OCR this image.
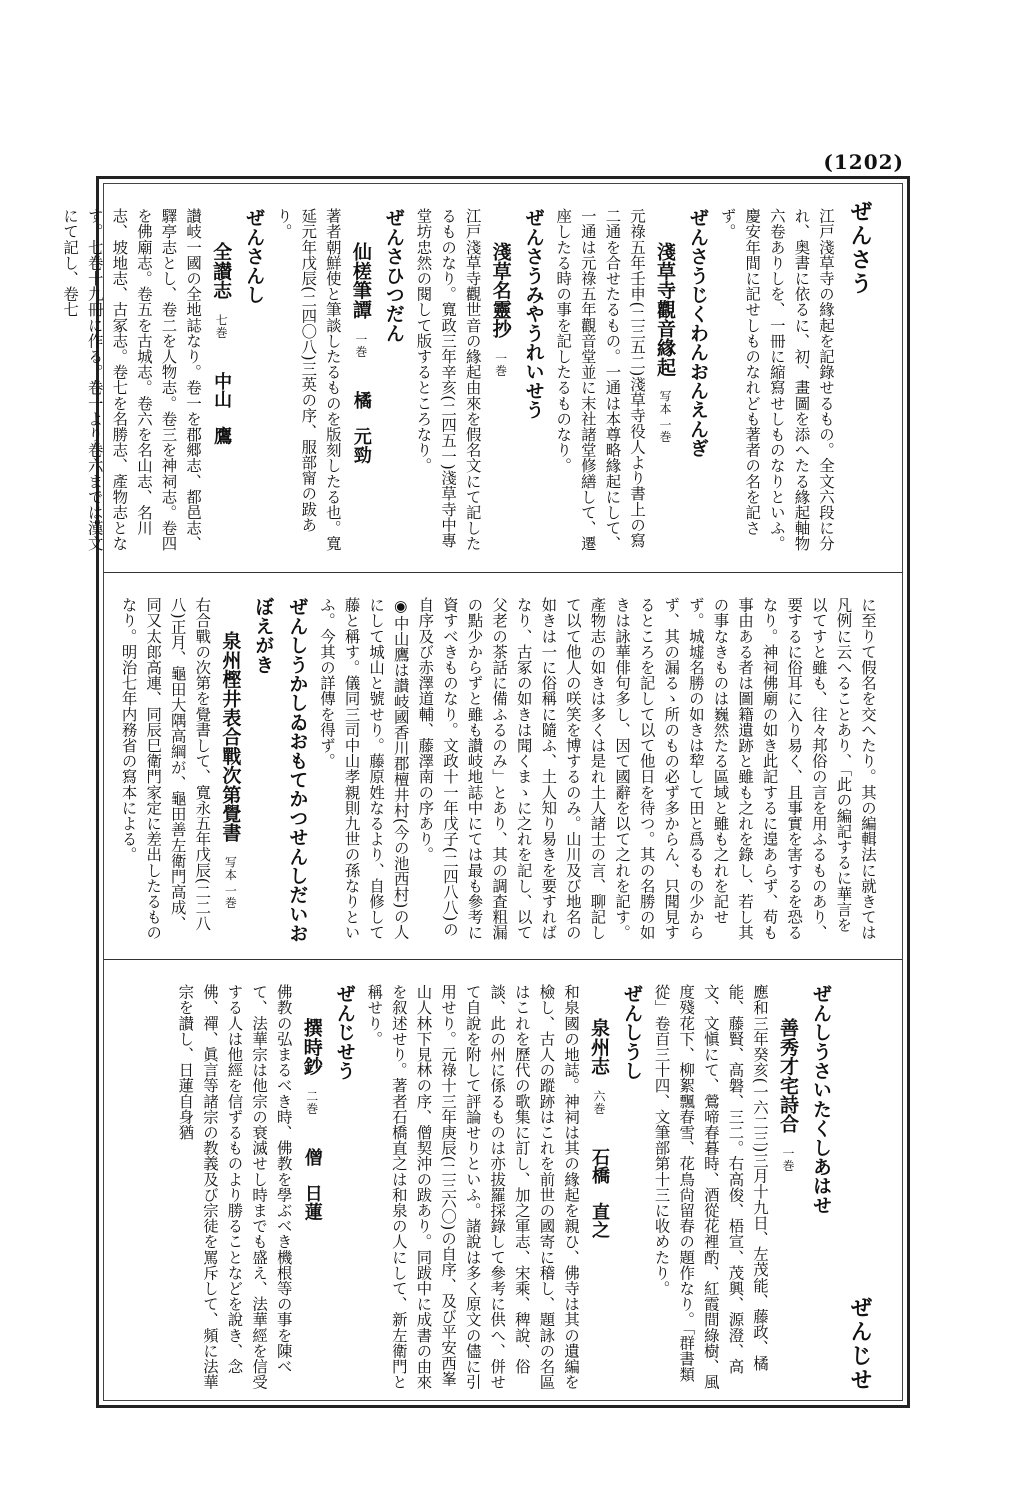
(1202)
ぜんさう
江戸淺草寺の緣起を記錄せるもの。全文六段に分れ、奥書に依るに、初、畫圖を添へたる緣起軸物六卷ありしを、一冊に縮寫せしものなりといふ。慶安年間に記せしものなれども著者の名を記さず。
ぜんさうじくわんおんえんぎ
淺草寺觀音緣起写本 一巻
元祿五年壬申(二三五二)淺草寺役人より書上の寫二通を合せたるもの。一通は本尊略緣起にして、一通は元祿五年觀音堂並に末社諸堂修繕して、遷座したる時の事を記したるものなり。
ぜんさうみやうれいせう
淺草名靈抄一巻
江戸淺草寺觀世音の緣起由來を假名文にて記したるものなり。寬政三年辛亥(二四五一)淺草寺中專堂坊忠然の閱して版するところなり。
ぜんさひつだん
仙槎筆譚一巻橘　元勁
著者朝鮮使と筆談したるものを版刻したる也。寬延元年戊辰(二四〇八)三英の序、服部甯の跋あり。
ぜんさんし
全讃志七巻中山　鷹
讃岐一國の全地誌なり。卷一を郡郷志、都邑志、驛亭志とし、卷二を人物志。卷三を神祠志。卷四を佛廟志。卷五を古城志。卷六を名山志、名川志、坡地志、古冢志。卷七を名勝志、產物志となす。七卷十九冊に作る。卷一より卷六までは漢文にて記し、卷七
に至りて假名を交へたり。其の編輯法に就きては凡例に云へることあり、「此の編記するに華言を以てすと雖も、往々邦俗の言を用ふるものあり、要するに俗耳に入り易く、且事實を害するを恐るなり。神祠佛廟の如き此記するに遑あらず、苟も事由ある者は圖籍遺跡と雖も之れを錄し、若し其の事なきものは巍然たる區域と雖も之れを記せず。城墟名勝の如きは犂して田と爲るもの少からず、其の漏るゝ所のもの必ず多からん、只聞見するところを記して以て他日を待つ。其の名勝の如きは詠華俳句多し、因て國辭を以て之れを記す。產物志の如きは多くは是れ土人諸士の言、聊記して以て他人の咲笑を博するのみ。山川及び地名の如きは一に俗稱に隨ふ、土人知り易きを要すればなり、古冢の如きは聞くまゝに之れを記し、以て父老の茶話に備ふるのみ」とあり、其の調査粗漏の點少からずと雖も讃岐地誌中にては最も參考に資すべきものなり。文政十一年戊子(二四八八)の自序及び赤澤道輔、藤澤南の序あり。
◉中山鷹は讃岐國香川郡檀井村(今の池西村)の人にして城山と號せり。藤原姓なるより、自修して藤と稱す。儀同三司中山孝親則九世の孫なりといふ。今其の詳傳を得ず。
ぜんしうかしゐおもてかつせんしだいおぼえがき
泉州樫井表合戰次第覺書写本 一巻
右合戰の次第を覺書して、寬永五年戊辰(二二八八)正月、龜田大隅高綱が、龜田善左衛門高成、同又太郎高連、同辰巳衛門家定に差出したるものなり。明治七年内務省の寫本による。
ぜんじせ
ぜんしうさいたくしあはせ
善秀才宅詩合一巻
應和三年癸亥(一六二三)三月十九日、左茂能、藤政、橘能、藤賢、高磐、三二。右高俊、梧宣、茂興、源澄、高文、文愼にて、鶯啼春暮時、酒從花裡酌、紅霞間綠樹、風度殘花下、柳絮飄春雪、花鳥尙留春の題作なり。「群書類從」卷百三十四、文筆部第十三に收めたり。
ぜんしうし
泉州志六巻石橋　直之
和泉國の地誌。神祠は其の緣起を親ひ、佛寺は其の遺編を檢し、古人の蹤跡はこれを前世の國寄に稽し、題詠の名區はこれを歷代の歌集に訂し、加之軍志、宋乘、稗說、俗談、此の州に係るものは亦拔羅採錄して參考に供へ、併せて自說を附して評論せりといふ。諸說は多く原文の儘に引用せり。元祿十三年庚辰(二三六〇)の自序、及び平安西峯山人林下見林の序、僧契沖の跋あり。同跋中に成書の由來を叙述せり。著者石橋直之は和泉の人にして、新左衛門と稱せり。
ぜんじせう
撰時鈔二巻僧　日蓮
佛教の弘まるべき時、佛教を學ぶべき機根等の事を陳べて、法華宗は他宗の衰滅せし時までも盛え、法華經を信受する人は他經を信ずるものより勝ることなどを說き、念佛、禪、眞言等諸宗の教義及び宗徒を罵斥して、頻に法華宗を讃し、日蓮自身猶
